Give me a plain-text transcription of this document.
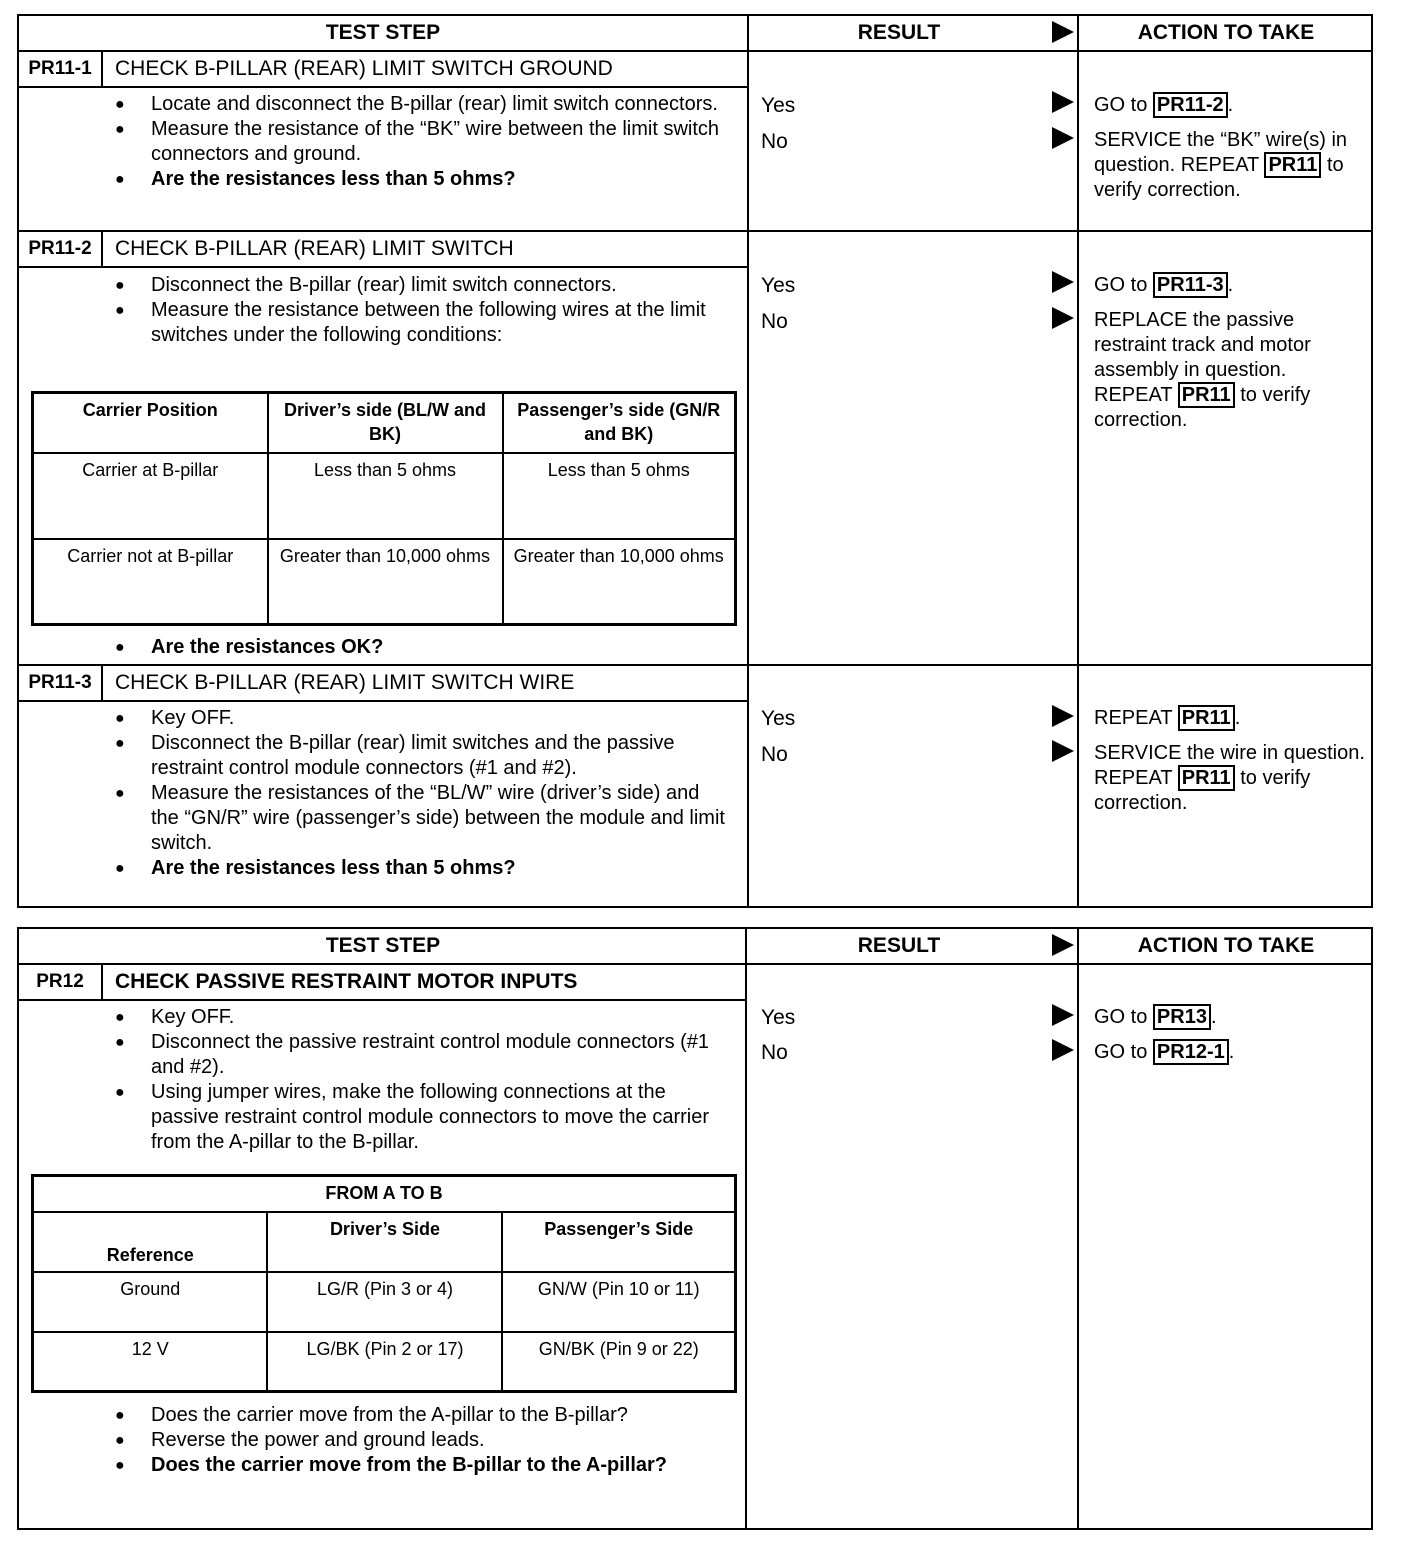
TEST STEP	RESULT	ACTION TO TAKE
PR11-1	CHECK B-PILLAR (REAR) LIMIT SWITCH GROUND
● Locate and disconnect the B-pillar (rear) limit switch connectors.
● Measure the resistance of the “BK” wire between the limit switch connectors and ground.
● Are the resistances less than 5 ohms?
Yes	GO to PR11-2 .
No	SERVICE the “BK” wire(s) in question. REPEAT PR11 to verify correction.
PR11-2	CHECK B-PILLAR (REAR) LIMIT SWITCH
● Disconnect the B-pillar (rear) limit switch connectors.
● Measure the resistance between the following wires at the limit switches under the following conditions:
Carrier Position	Driver’s side (BL/W and BK)	Passenger’s side (GN/R and BK)
Carrier at B-pillar	Less than 5 ohms	Less than 5 ohms
Carrier not at B-pillar	Greater than 10,000 ohms	Greater than 10,000 ohms
● Are the resistances OK?
Yes	GO to PR11-3 .
No	REPLACE the passive restraint track and motor assembly in question. REPEAT PR11 to verify correction.
PR11-3	CHECK B-PILLAR (REAR) LIMIT SWITCH WIRE
● Key OFF.
● Disconnect the B-pillar (rear) limit switches and the passive restraint control module connectors (#1 and #2).
● Measure the resistances of the “BL/W” wire (driver’s side) and the “GN/R” wire (passenger’s side) between the module and limit switch.
● Are the resistances less than 5 ohms?
Yes	REPEAT PR11 .
No	SERVICE the wire in question. REPEAT PR11 to verify correction.
TEST STEP	RESULT	ACTION TO TAKE
PR12	CHECK PASSIVE RESTRAINT MOTOR INPUTS
● Key OFF.
● Disconnect the passive restraint control module connectors (#1 and #2).
● Using jumper wires, make the following connections at the passive restraint control module connectors to move the carrier from the A-pillar to the B-pillar.
FROM A TO B		
Reference	Driver’s Side	Passenger’s Side
Ground	LG/R (Pin 3 or 4)	GN/W (Pin 10 or 11)
12 V	LG/BK (Pin 2 or 17)	GN/BK (Pin 9 or 22)
● Does the carrier move from the A-pillar to the B-pillar?
● Reverse the power and ground leads.
● Does the carrier move from the B-pillar to the A-pillar?
Yes	GO to PR13 .
No	GO to PR12-1 .
